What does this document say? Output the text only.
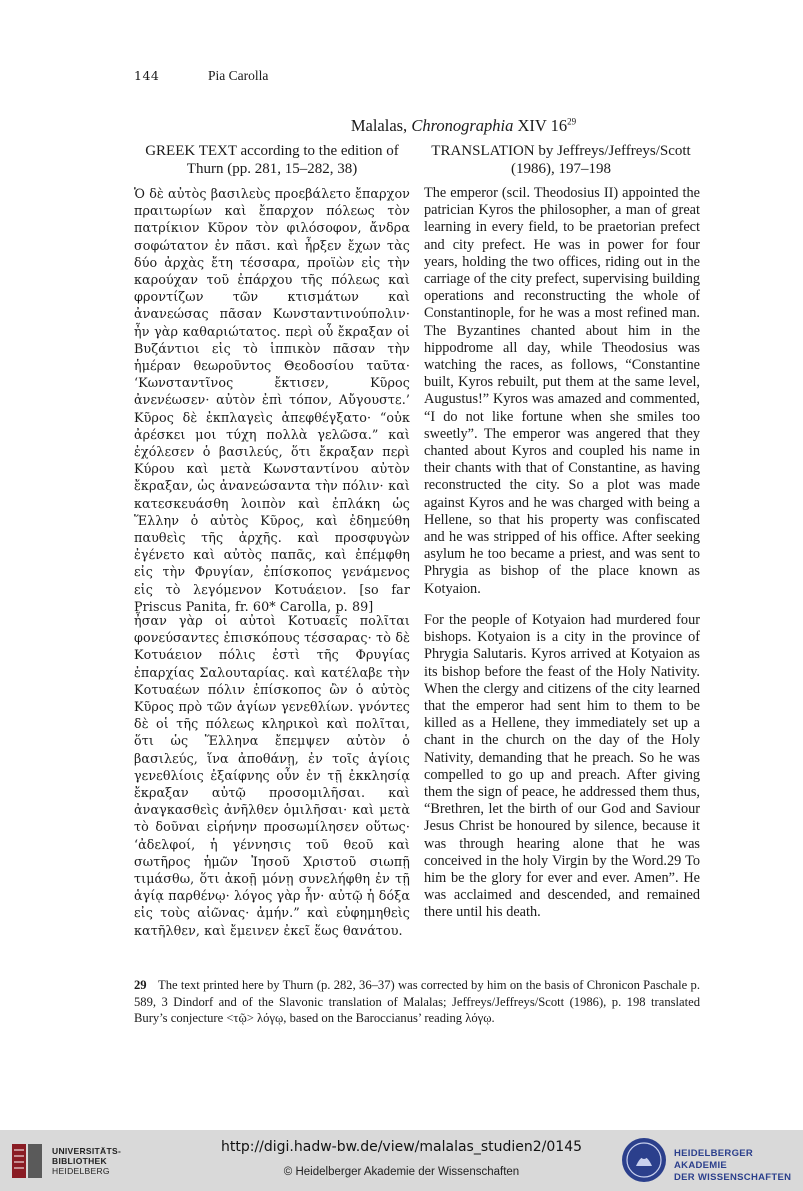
144	Pia Carolla
Malalas, Chronographia XIV $16^{29}$
GREEK TEXT according to the edition of Thurn (pp. 281, 15–282, 38)
TRANSLATION by Jeffreys/Jeffreys/Scott (1986), 197–198
Ὁ δὲ αὐτὸς βασιλεὺς προεβάλετο ἔπαρχον πραιτωρίων καὶ ἔπαρχον πόλεως τὸν πατρίκιον Κῦρον τὸν φιλόσοφον, ἄνδρα σοφώτατον ἐν πᾶσι. καὶ ἦρξεν ἔχων τὰς δύο ἀρχὰς ἔτη τέσσαρα, προϊὼν εἰς τὴν καρούχαν τοῦ ἐπάρχου τῆς πόλεως καὶ φροντίζων τῶν κτισμάτων καὶ ἀνανεώσας πᾶσαν Κωνσταντινούπολιν· ἦν γὰρ καθαριώτατος. περὶ οὗ ἔκραξαν οἱ Βυζάντιοι εἰς τὸ ἱππικὸν πᾶσαν τὴν ἡμέραν θεωροῦντος Θεοδοσίου ταῦτα· ‘Κωνσταντῖνος ἔκτισεν, Κῦρος ἀνενέωσεν· αὐτὸν ἐπὶ τόπον, Αὔγουστε.’ Κῦρος δὲ ἐκπλαγεὶς ἀπεφθέγξατο· “οὐκ ἀρέσκει μοι τύχη πολλὰ γελῶσα.” καὶ ἐχόλεσεν ὁ βασιλεύς, ὅτι ἔκραξαν περὶ Κύρου καὶ μετὰ Κωνσταντίνου αὐτὸν ἔκραξαν, ὡς ἀνανεώσαντα τὴν πόλιν· καὶ κατεσκευάσθη λοιπὸν καὶ ἐπλάκη ὡς Ἕλλην ὁ αὐτὸς Κῦρος, καὶ ἐδημεύθη παυθεὶς τῆς ἀρχῆς. καὶ προσφυγὼν ἐγένετο καὶ αὐτὸς παπᾶς, καὶ ἐπέμφθη εἰς τὴν Φρυγίαν, ἐπίσκοπος γενάμενος εἰς τὸ λεγόμενον Κοτυάειον. [so far Priscus Panita, fr. 60* Carolla, p. 89]
The emperor (scil. Theodosius II) appointed the patrician Kyros the philosopher, a man of great learning in every field, to be praetorian prefect and city prefect. He was in power for four years, holding the two offices, riding out in the carriage of the city prefect, supervising building operations and reconstructing the whole of Constantinople, for he was a most refined man. The Byzantines chanted about him in the hippodrome all day, while Theodosius was watching the races, as follows, “Constantine built, Kyros rebuilt, put them at the same level, Augustus!” Kyros was amazed and commented, “I do not like fortune when she smiles too sweetly”. The emperor was angered that they chanted about Kyros and coupled his name in their chants with that of Constantine, as having reconstructed the city. So a plot was made against Kyros and he was charged with being a Hellene, so that his property was confiscated and he was stripped of his office. After seeking asylum he too became a priest, and was sent to Phrygia as bishop of the place known as Kotyaion.
ἦσαν γὰρ οἱ αὐτοὶ Κοτυαεῖς πολῖται φονεύσαντες ἐπισκόπους τέσσαρας· τὸ δὲ Κοτυάειον πόλις ἐστὶ τῆς Φρυγίας ἐπαρχίας Σαλουταρίας. καὶ κατέλαβε τὴν Κοτυαέων πόλιν ἐπίσκοπος ὢν ὁ αὐτὸς Κῦρος πρὸ τῶν ἁγίων γενεθλίων. γνόντες δὲ οἱ τῆς πόλεως κληρικοὶ καὶ πολῖται, ὅτι ὡς Ἕλληνα ἔπεμψεν αὐτὸν ὁ βασιλεύς, ἵνα ἀποθάνῃ, ἐν τοῖς ἁγίοις γενεθλίοις ἐξαίφνης οὖν ἐν τῇ ἐκκλησίᾳ ἔκραξαν αὐτῷ προσομιλῆσαι. καὶ ἀναγκασθεὶς ἀνῆλθεν ὁμιλῆσαι· καὶ μετὰ τὸ δοῦναι εἰρήνην προσωμίλησεν οὕτως· ‘ἀδελφοί, ἡ γέννησις τοῦ θεοῦ καὶ σωτῆρος ἡμῶν Ἰησοῦ Χριστοῦ σιωπῇ τιμάσθω, ὅτι ἀκοῇ μόνῃ συνελήφθη ἐν τῇ ἁγίᾳ παρθένῳ· λόγος γὰρ ἦν· αὐτῷ ἡ δόξα εἰς τοὺς αἰῶνας· ἀμήν.” καὶ εὐφημηθεὶς κατῆλθεν, καὶ ἔμεινεν ἐκεῖ ἕως θανάτου.
For the people of Kotyaion had murdered four bishops. Kotyaion is a city in the province of Phrygia Salutaris. Kyros arrived at Kotyaion as its bishop before the feast of the Holy Nativity. When the clergy and citizens of the city learned that the emperor had sent him to them to be killed as a Hellene, they immediately set up a chant in the church on the day of the Holy Nativity, demanding that he preach. So he was compelled to go up and preach. After giving them the sign of peace, he addressed them thus, “Brethren, let the birth of our God and Saviour Jesus Christ be honoured by silence, because it was through hearing alone that he was conceived in the holy Virgin by the Word.29 To him be the glory for ever and ever. Amen”. He was acclaimed and descended, and remained there until his death.
29 The text printed here by Thurn (p. 282, 36–37) was corrected by him on the basis of Chronicon Paschale p. 589, 3 Dindorf and of the Slavonic translation of Malalas; Jeffreys/Jeffreys/Scott (1986), p. 198 translated Bury’s conjecture <τῷ> λόγῳ, based on the Baroccianus’ reading λόγῳ.
UNIVERSITÄTS-
BIBLIOTHEK
HEIDELBERG
http://digi.hadw-bw.de/view/malalas_studien2/0145
© Heidelberger Akademie der Wissenschaften
HEIDELBERGER AKADEMIE
DER WISSENSCHAFTEN
